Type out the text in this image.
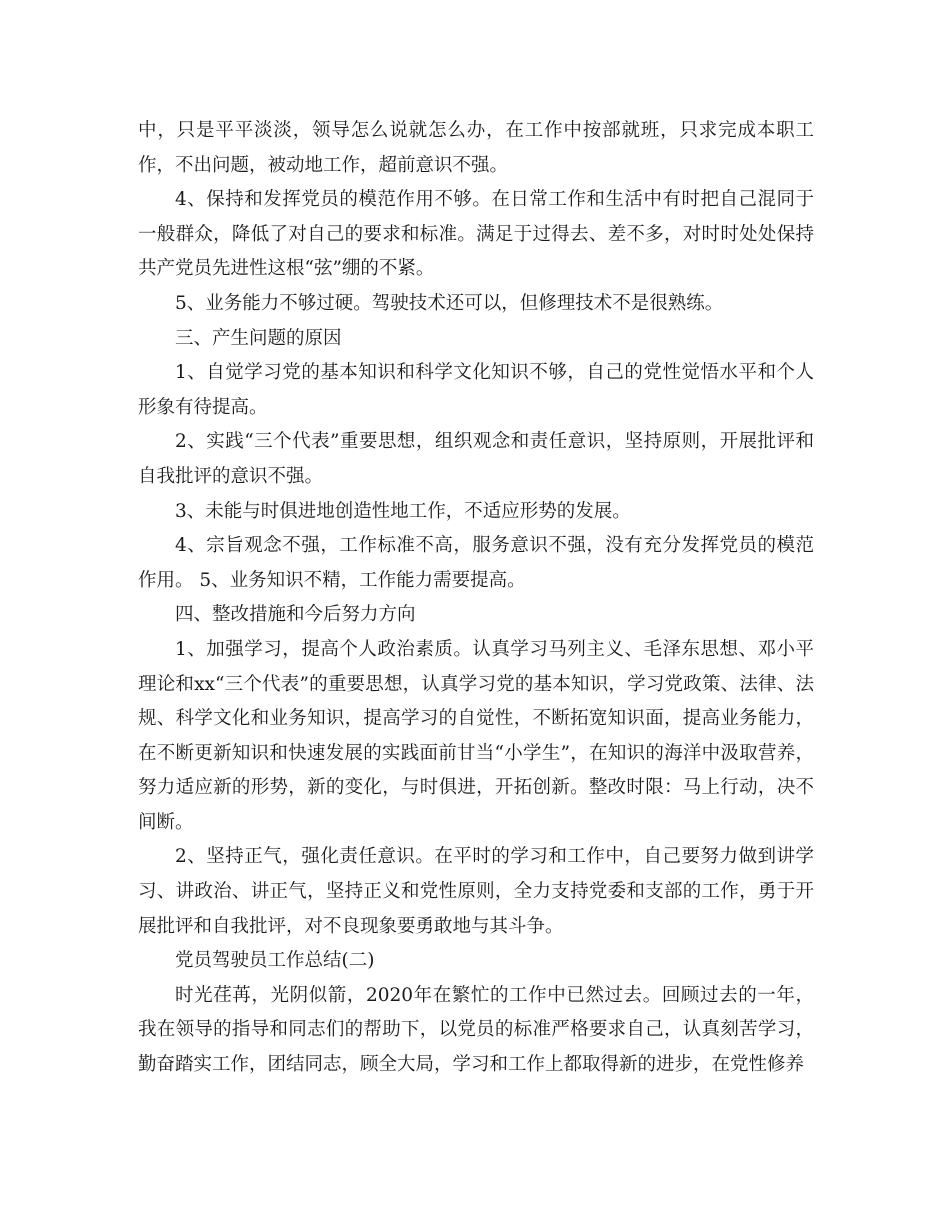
中，只是平平淡淡，领导怎么说就怎么办，在工作中按部就班，只求完成本职工作，不出问题，被动地工作，超前意识不强。

4、保持和发挥党员的模范作用不够。在日常工作和生活中有时把自己混同于一般群众，降低了对自己的要求和标准。满足于过得去、差不多，对时时处处保持共产党员先进性这根“弦”绷的不紧。

5、业务能力不够过硬。驾驶技术还可以，但修理技术不是很熟练。

三、产生问题的原因

1、自觉学习党的基本知识和科学文化知识不够，自己的党性觉悟水平和个人形象有待提高。

2、实践“三个代表”重要思想，组织观念和责任意识，坚持原则，开展批评和自我批评的意识不强。

3、未能与时俱进地创造性地工作，不适应形势的发展。

4、宗旨观念不强，工作标准不高，服务意识不强，没有充分发挥党员的模范作用。 5、业务知识不精，工作能力需要提高。

四、整改措施和今后努力方向

1、加强学习，提高个人政治素质。认真学习马列主义、毛泽东思想、邓小平理论和xx“三个代表”的重要思想，认真学习党的基本知识，学习党政策、法律、法规、科学文化和业务知识，提高学习的自觉性，不断拓宽知识面，提高业务能力，在不断更新知识和快速发展的实践面前甘当“小学生”，在知识的海洋中汲取营养，努力适应新的形势，新的变化，与时俱进，开拓创新。整改时限：马上行动，决不间断。

2、坚持正气，强化责任意识。在平时的学习和工作中，自己要努力做到讲学习、讲政治、讲正气，坚持正义和党性原则，全力支持党委和支部的工作，勇于开展批评和自我批评，对不良现象要勇敢地与其斗争。

党员驾驶员工作总结(二)

时光荏苒，光阴似箭，2020年在繁忙的工作中已然过去。回顾过去的一年，我在领导的指导和同志们的帮助下，以党员的标准严格要求自己，认真刻苦学习，勤奋踏实工作，团结同志，顾全大局，学习和工作上都取得新的进步，在党性修养
